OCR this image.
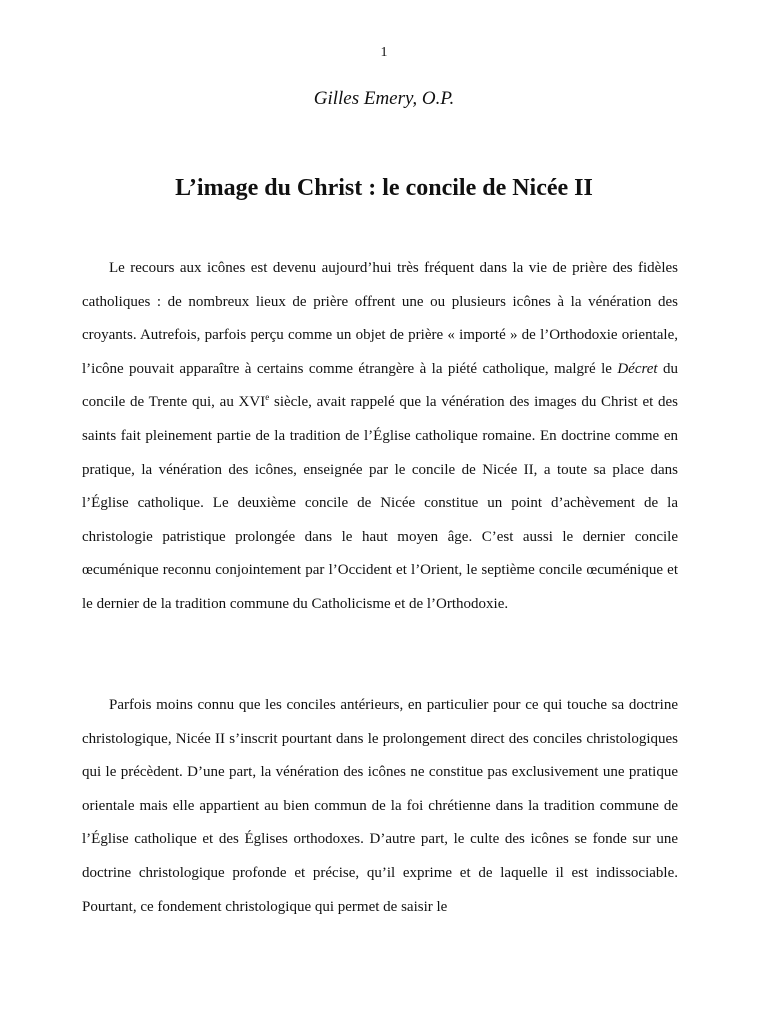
1
Gilles Emery, O.P.
L’image du Christ : le concile de Nicée II

Le recours aux icônes est devenu aujourd’hui très fréquent dans la vie de prière des fidèles catholiques : de nombreux lieux de prière offrent une ou plusieurs icônes à la vénération des croyants. Autrefois, parfois perçu comme un objet de prière « importé » de l’Orthodoxie orientale, l’icône pouvait apparaître à certains comme étrangère à la piété catholique, malgré le Décret du concile de Trente qui, au XVIe siècle, avait rappelé que la vénération des images du Christ et des saints fait pleinement partie de la tradition de l’Église catholique romaine. En doctrine comme en pratique, la vénération des icônes, enseignée par le concile de Nicée II, a toute sa place dans l’Église catholique. Le deuxième concile de Nicée constitue un point d’achèvement de la christologie patristique prolongée dans le haut moyen âge. C’est aussi le dernier concile œcuménique reconnu conjointement par l’Occident et l’Orient, le septième concile œcuménique et le dernier de la tradition commune du Catholicisme et de l’Orthodoxie.

Parfois moins connu que les conciles antérieurs, en particulier pour ce qui touche sa doctrine christologique, Nicée II s’inscrit pourtant dans le prolongement direct des conciles christologiques qui le précèdent. D’une part, la vénération des icônes ne constitue pas exclusivement une pratique orientale mais elle appartient au bien commun de la foi chrétienne dans la tradition commune de l’Église catholique et des Églises orthodoxes. D’autre part, le culte des icônes se fonde sur une doctrine christologique profonde et précise, qu’il exprime et de laquelle il est indissociable. Pourtant, ce fondement christologique qui permet de saisir le
